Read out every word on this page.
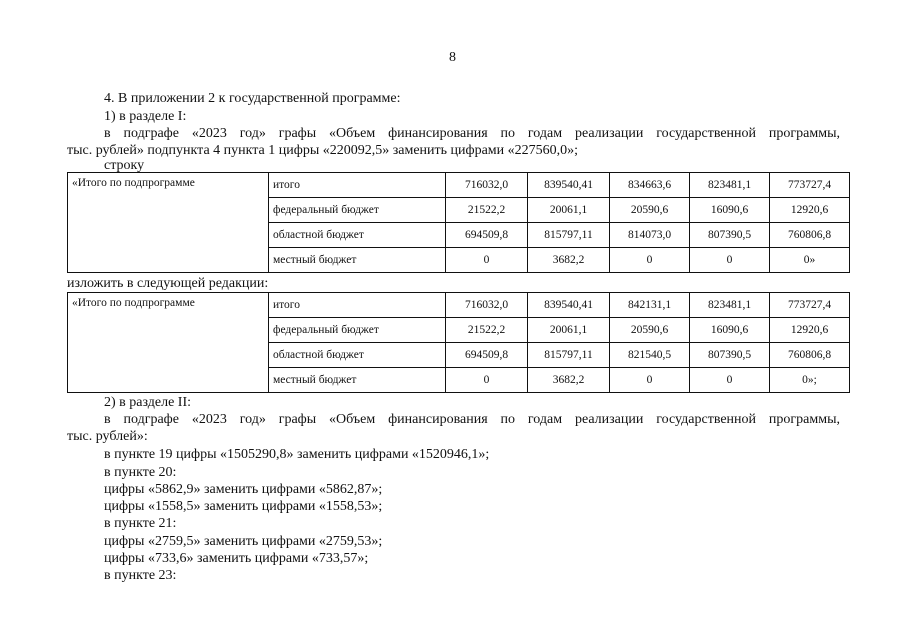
8
4. В приложении 2 к государственной программе:
1) в разделе I:
в подграфе «2023 год» графы «Объем финансирования по годам реализации государственной программы,
тыс. рублей» подпункта 4 пункта 1 цифры «220092,5» заменить цифрами «227560,0»;
строку
«Итого по подпрограмме	итого	716032,0	839540,41	834663,6	823481,1	773727,4
	федеральный бюджет	21522,2	20061,1	20590,6	16090,6	12920,6
	областной бюджет	694509,8	815797,11	814073,0	807390,5	760806,8
	местный бюджет	0	3682,2	0	0	0»
изложить в следующей редакции:
«Итого по подпрограмме	итого	716032,0	839540,41	842131,1	823481,1	773727,4
	федеральный бюджет	21522,2	20061,1	20590,6	16090,6	12920,6
	областной бюджет	694509,8	815797,11	821540,5	807390,5	760806,8
	местный бюджет	0	3682,2	0	0	0»;
2) в разделе II:
в подграфе «2023 год» графы «Объем финансирования по годам реализации государственной программы,
тыс. рублей»:
в пункте 19 цифры «1505290,8» заменить цифрами «1520946,1»;
в пункте 20:
цифры «5862,9» заменить цифрами «5862,87»;
цифры «1558,5» заменить цифрами «1558,53»;
в пункте 21:
цифры «2759,5» заменить цифрами «2759,53»;
цифры «733,6» заменить цифрами «733,57»;
в пункте 23:
